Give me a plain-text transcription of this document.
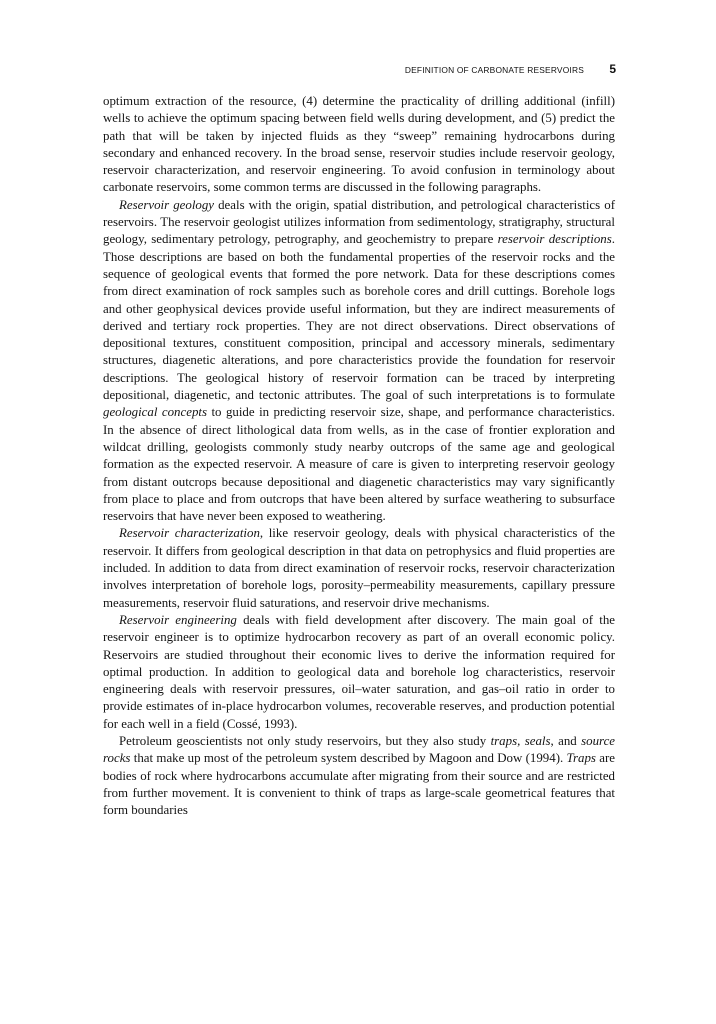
DEFINITION OF CARBONATE RESERVOIRS 5

optimum extraction of the resource, (4) determine the practicality of drilling additional (infill) wells to achieve the optimum spacing between field wells during development, and (5) predict the path that will be taken by injected fluids as they “sweep” remaining hydrocarbons during secondary and enhanced recovery. In the broad sense, reservoir studies include reservoir geology, reservoir characterization, and reservoir engineering. To avoid confusion in terminology about carbonate reservoirs, some common terms are discussed in the following paragraphs.

Reservoir geology deals with the origin, spatial distribution, and petrological characteristics of reservoirs. The reservoir geologist utilizes information from sedimentology, stratigraphy, structural geology, sedimentary petrology, petrography, and geochemistry to prepare reservoir descriptions. Those descriptions are based on both the fundamental properties of the reservoir rocks and the sequence of geological events that formed the pore network. Data for these descriptions comes from direct examination of rock samples such as borehole cores and drill cuttings. Borehole logs and other geophysical devices provide useful information, but they are indirect measurements of derived and tertiary rock properties. They are not direct observations. Direct observations of depositional textures, constituent composition, principal and accessory minerals, sedimentary structures, diagenetic alterations, and pore characteristics provide the foundation for reservoir descriptions. The geological history of reservoir formation can be traced by interpreting depositional, diagenetic, and tectonic attributes. The goal of such interpretations is to formulate geological concepts to guide in predicting reservoir size, shape, and performance characteristics. In the absence of direct lithological data from wells, as in the case of frontier exploration and wildcat drilling, geologists commonly study nearby outcrops of the same age and geological formation as the expected reservoir. A measure of care is given to interpreting reservoir geology from distant outcrops because depositional and diagenetic characteristics may vary significantly from place to place and from outcrops that have been altered by surface weathering to subsurface reservoirs that have never been exposed to weathering.

Reservoir characterization, like reservoir geology, deals with physical characteristics of the reservoir. It differs from geological description in that data on petrophysics and fluid properties are included. In addition to data from direct examination of reservoir rocks, reservoir characterization involves interpretation of borehole logs, porosity–permeability measurements, capillary pressure measurements, reservoir fluid saturations, and reservoir drive mechanisms.

Reservoir engineering deals with field development after discovery. The main goal of the reservoir engineer is to optimize hydrocarbon recovery as part of an overall economic policy. Reservoirs are studied throughout their economic lives to derive the information required for optimal production. In addition to geological data and borehole log characteristics, reservoir engineering deals with reservoir pressures, oil–water saturation, and gas–oil ratio in order to provide estimates of in-place hydrocarbon volumes, recoverable reserves, and production potential for each well in a field (Cossé, 1993).

Petroleum geoscientists not only study reservoirs, but they also study traps, seals, and source rocks that make up most of the petroleum system described by Magoon and Dow (1994). Traps are bodies of rock where hydrocarbons accumulate after migrating from their source and are restricted from further movement. It is convenient to think of traps as large-scale geometrical features that form boundaries
